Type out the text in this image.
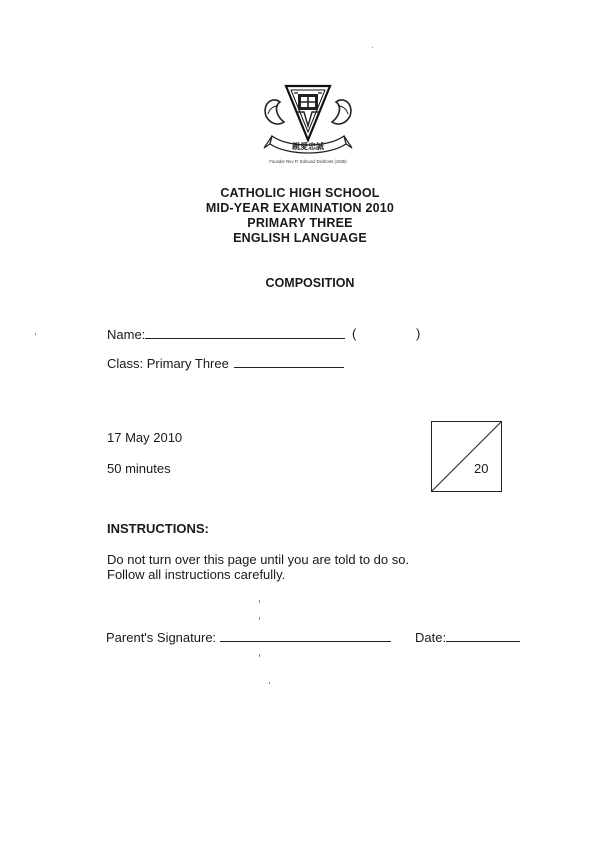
親愛忠誠
Founder Rev Fr Edmund Deshorts (1935)
CATHOLIC HIGH SCHOOL
MID-YEAR EXAMINATION 2010
PRIMARY THREE
ENGLISH LANGUAGE
COMPOSITION
Name:	(	)
Class: Primary Three
17 May 2010
50 minutes	20
INSTRUCTIONS:
Do not turn over this page until you are told to do so.
Follow all instructions carefully.
Parent's Signature:	Date:
